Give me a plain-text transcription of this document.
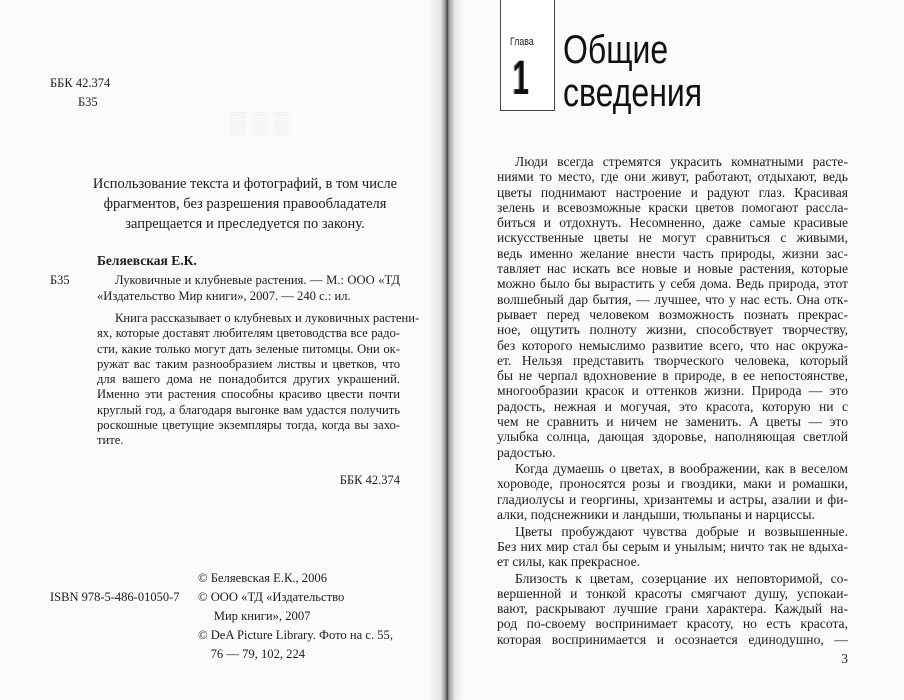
▒ ▒ ▒
ББК 42.374
Б35
Использование текста и фотографий, в том числе
фрагментов, без разрешения правообладателя
запрещается и преследуется по закону.
Беляевская Е.К.
Б35	Луковичные и клубневые растения. — М.: ООО «ТД
«Издательство Мир книги», 2007. — 240 с.: ил.
Книга рассказывает о клубневых и луковичных растени-
ях, которые доставят любителям цветоводства все радо-
сти, какие только могут дать зеленые питомцы. Они ок-
ружат вас таким разнообразием листвы и цветков, что
для вашего дома не понадобится других украшений.
Именно эти растения способны красиво цвести почти
круглый год, а благодаря выгонке вам удастся получить
роскошные цветущие экземпляры тогда, когда вы захо-
тите.
ББК 42.374
ISBN 978-5-486-01050-7
© Беляевская Е.К., 2006
© ООО «ТД «Издательство
Мир книги», 2007
© DeA Picture Library. Фото на с. 55,
76 — 79, 102, 224
Глава
1
Общие
сведения
Люди всегда стремятся украсить комнатными расте-
ниями то место, где они живут, работают, отдыхают, ведь
цветы поднимают настроение и радуют глаз. Красивая
зелень и всевозможные краски цветов помогают расслa-
биться и отдохнуть. Несомненно, даже самые красивые
искусственные цветы не могут сравниться с живыми,
ведь именно желание внести часть природы, жизни зас-
тавляет нас искать все новые и новые растения, которые
можно было бы вырастить у себя дома. Ведь природа, этот
волшебный дар бытия, — лучшее, что у нас есть. Она отк-
рывает перед человеком возможность познать прекрас-
ное, ощутить полноту жизни, способствует творчеству,
без которого немыслимо развитие всего, что нас окружа-
ет. Нельзя представить творческого человека, который
бы не черпал вдохновение в природе, в ее непостоянстве,
многообразии красок и оттенков жизни. Природа — это
радость, нежная и могучая, это красота, которую ни с
чем не сравнить и ничем не заменить. А цветы — это
улыбка солнца, дающая здоровье, наполняющая светлой
радостью.
Когда думаешь о цветах, в воображении, как в веселом
хороводе, проносятся розы и гвоздики, маки и ромашки,
гладиолусы и георгины, хризантемы и астры, азалии и фи-
алки, подснежники и ландыши, тюльпаны и нарциссы.
Цветы пробуждают чувства добрые и возвышенные.
Без них мир стал бы серым и унылым; ничто так не вдыха-
ет силы, как прекрасное.
Близость к цветам, созерцание их неповторимой, со-
вершенной и тонкой красоты смягчают душу, успокаи-
вают, раскрывают лучшие грани характера. Каждый на-
род по-своему воспринимает красоту, но есть красота,
которая воспринимается и осознается единодушно, —
3
